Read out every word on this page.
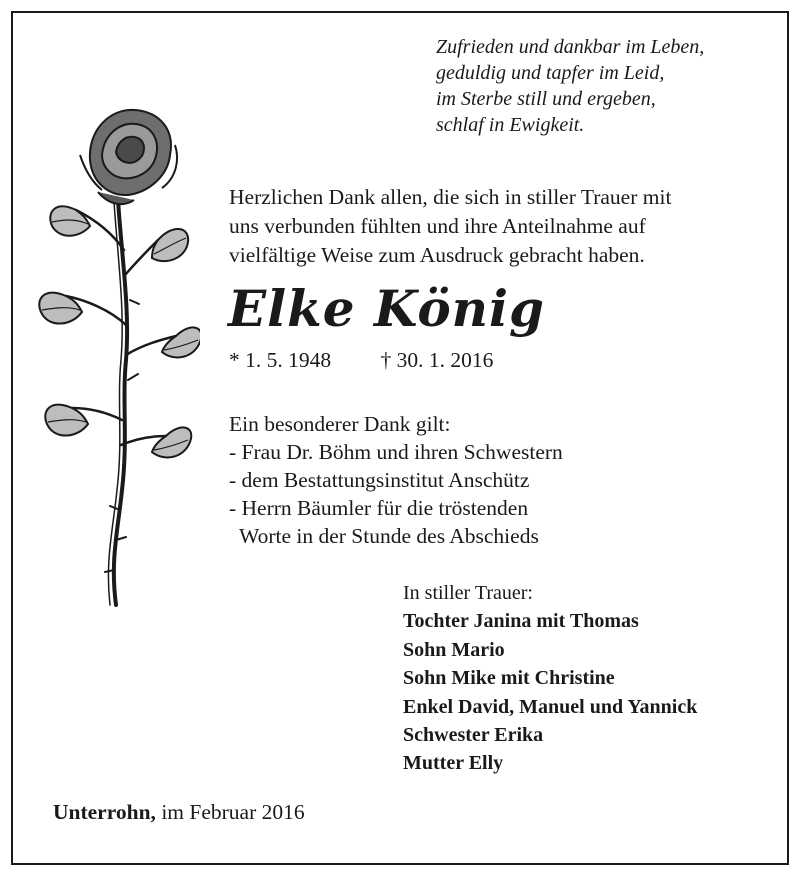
Zufrieden und dankbar im Leben,
geduldig und tapfer im Leid,
im Sterbe still und ergeben,
schlaf in Ewigkeit.
Herzlichen Dank allen, die sich in stiller Trauer mit
uns verbunden fühlten und ihre Anteilnahme auf
vielfältige Weise zum Ausdruck gebracht haben.
Elke König
* 1. 5. 1948 † 30. 1. 2016
Ein besonderer Dank gilt:
- Frau Dr. Böhm und ihren Schwestern
- dem Bestattungsinstitut Anschütz
- Herrn Bäumler für die tröstenden
Worte in der Stunde des Abschieds
In stiller Trauer:
Tochter Janina mit Thomas
Sohn Mario
Sohn Mike mit Christine
Enkel David, Manuel und Yannick
Schwester Erika
Mutter Elly
Unterrohn, im Februar 2016
